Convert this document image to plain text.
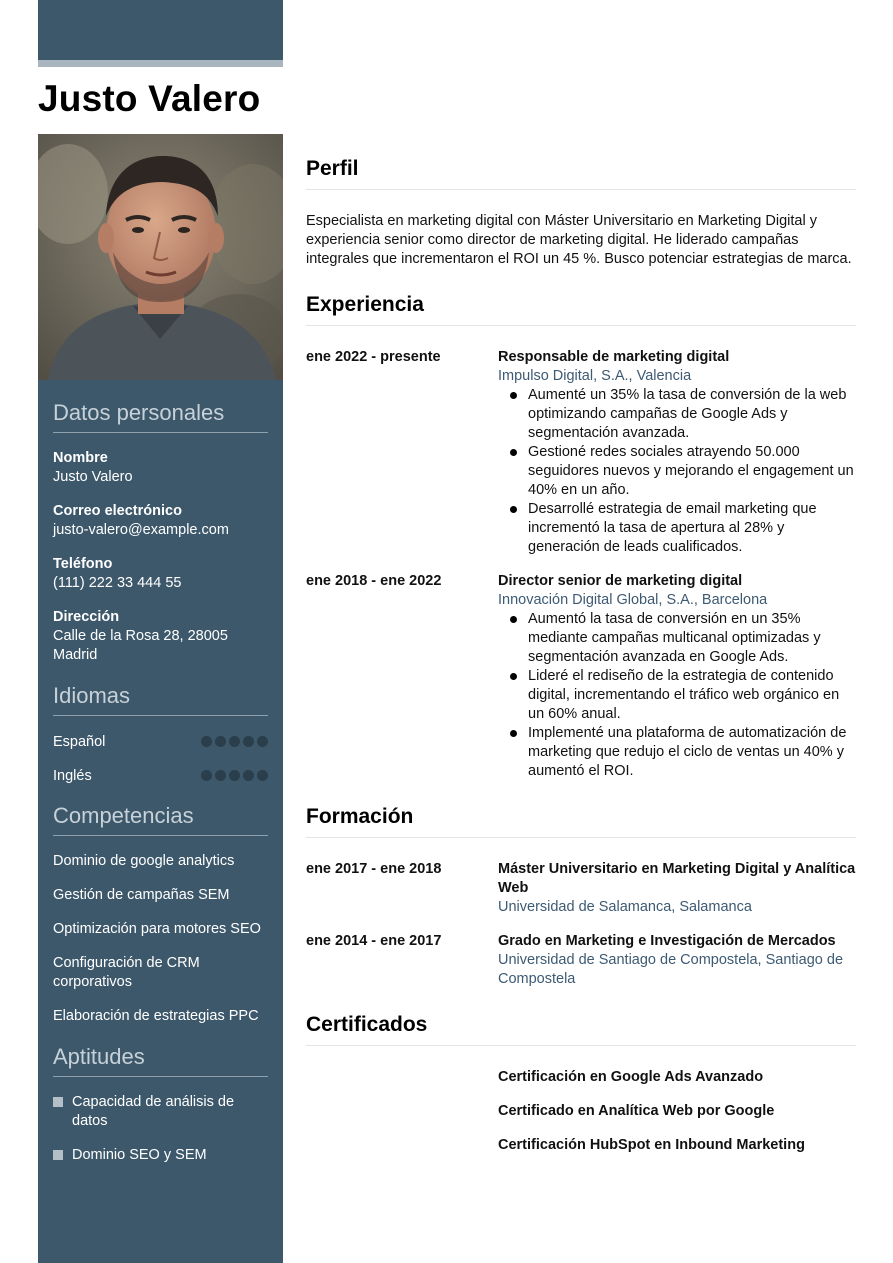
Datos personales
Nombre
Justo Valero
Correo electrónico
justo-valero@example.com
Teléfono
(111) 222 33 444 55
Dirección
Calle de la Rosa 28, 28005 Madrid
Idiomas
Español
Inglés
Competencias
Dominio de google analytics
Gestión de campañas SEM
Optimización para motores SEO
Configuración de CRM corporativos
Elaboración de estrategias PPC
Aptitudes
Capacidad de análisis de datos
Dominio SEO y SEM
Justo Valero
Perfil
Especialista en marketing digital con Máster Universitario en Marketing Digital y experiencia senior como director de marketing digital. He liderado campañas integrales que incrementaron el ROI un 45 %. Busco potenciar estrategias de marca.
Experiencia
ene 2022 - presente	Responsable de marketing digital
Impulso Digital, S.A., Valencia
Aumenté un 35% la tasa de conversión de la web optimizando campañas de Google Ads y segmentación avanzada.
Gestioné redes sociales atrayendo 50.000 seguidores nuevos y mejorando el engagement un 40% en un año.
Desarrollé estrategia de email marketing que incrementó la tasa de apertura al 28% y generación de leads cualificados.
ene 2018 - ene 2022	Director senior de marketing digital
Innovación Digital Global, S.A., Barcelona
Aumentó la tasa de conversión en un 35% mediante campañas multicanal optimizadas y segmentación avanzada en Google Ads.
Lideré el rediseño de la estrategia de contenido digital, incrementando el tráfico web orgánico en un 60% anual.
Implementé una plataforma de automatización de marketing que redujo el ciclo de ventas un 40% y aumentó el ROI.
Formación
ene 2017 - ene 2018	Máster Universitario en Marketing Digital y Analítica Web
Universidad de Salamanca, Salamanca
ene 2014 - ene 2017	Grado en Marketing e Investigación de Mercados
Universidad de Santiago de Compostela, Santiago de Compostela
Certificados
Certificación en Google Ads Avanzado
Certificado en Analítica Web por Google
Certificación HubSpot en Inbound Marketing
